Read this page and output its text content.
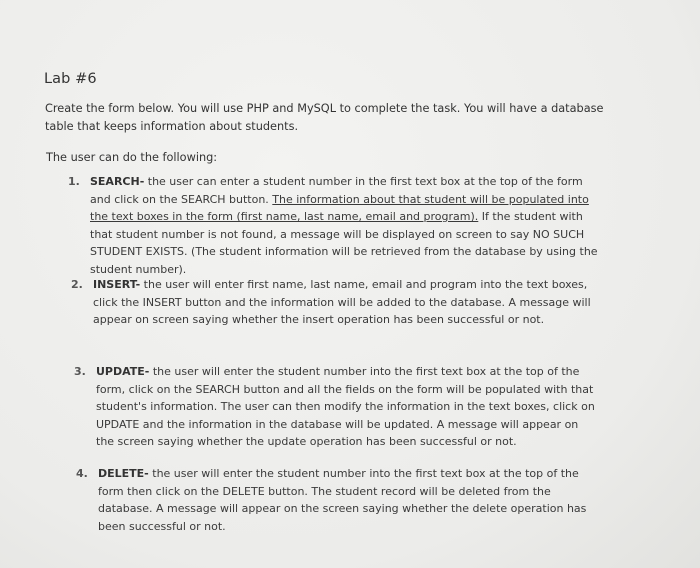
Lab #6
Create the form below. You will use PHP and MySQL to complete the task. You will have a database table that keeps information about students.
The user can do the following:
1. SEARCH- the user can enter a student number in the first text box at the top of the form and click on the SEARCH button. The information about that student will be populated into the text boxes in the form (first name, last name, email and program). If the student with that student number is not found, a message will be displayed on screen to say NO SUCH STUDENT EXISTS. (The student information will be retrieved from the database by using the student number).
2. INSERT- the user will enter first name, last name, email and program into the text boxes, click the INSERT button and the information will be added to the database. A message will appear on screen saying whether the insert operation has been successful or not.
3. UPDATE- the user will enter the student number into the first text box at the top of the form, click on the SEARCH button and all the fields on the form will be populated with that student's information. The user can then modify the information in the text boxes, click on UPDATE and the information in the database will be updated. A message will appear on the screen saying whether the update operation has been successful or not.
4. DELETE- the user will enter the student number into the first text box at the top of the form then click on the DELETE button. The student record will be deleted from the database. A message will appear on the screen saying whether the delete operation has been successful or not.
